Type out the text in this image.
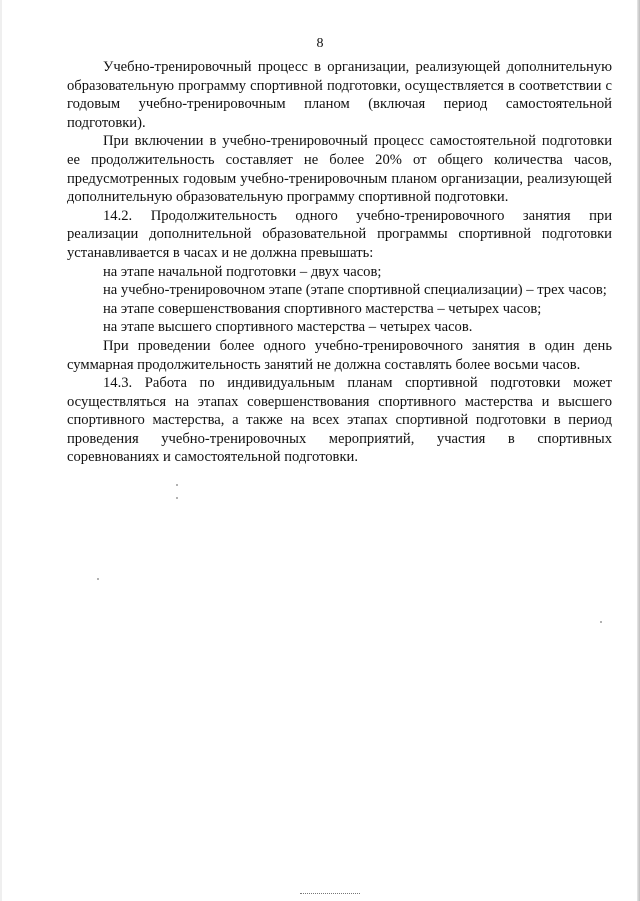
8

Учебно-тренировочный процесс в организации, реализующей дополнительную образовательную программу спортивной подготовки, осуществляется в соответствии с годовым учебно-тренировочным планом (включая период самостоятельной подготовки).

При включении в учебно-тренировочный процесс самостоятельной подготовки ее продолжительность составляет не более 20% от общего количества часов, предусмотренных годовым учебно-тренировочным планом организации, реализующей дополнительную образовательную программу спортивной подготовки.

14.2. Продолжительность одного учебно-тренировочного занятия при реализации дополнительной образовательной программы спортивной подготовки устанавливается в часах и не должна превышать:

на этапе начальной подготовки – двух часов;

на учебно-тренировочном этапе (этапе спортивной специализации) – трех часов;

на этапе совершенствования спортивного мастерства – четырех часов;

на этапе высшего спортивного мастерства – четырех часов.

При проведении более одного учебно-тренировочного занятия в один день суммарная продолжительность занятий не должна составлять более восьми часов.

14.3. Работа по индивидуальным планам спортивной подготовки может осуществляться на этапах совершенствования спортивного мастерства и высшего спортивного мастерства, а также на всех этапах спортивной подготовки в период проведения учебно-тренировочных мероприятий, участия в спортивных соревнованиях и самостоятельной подготовки.
